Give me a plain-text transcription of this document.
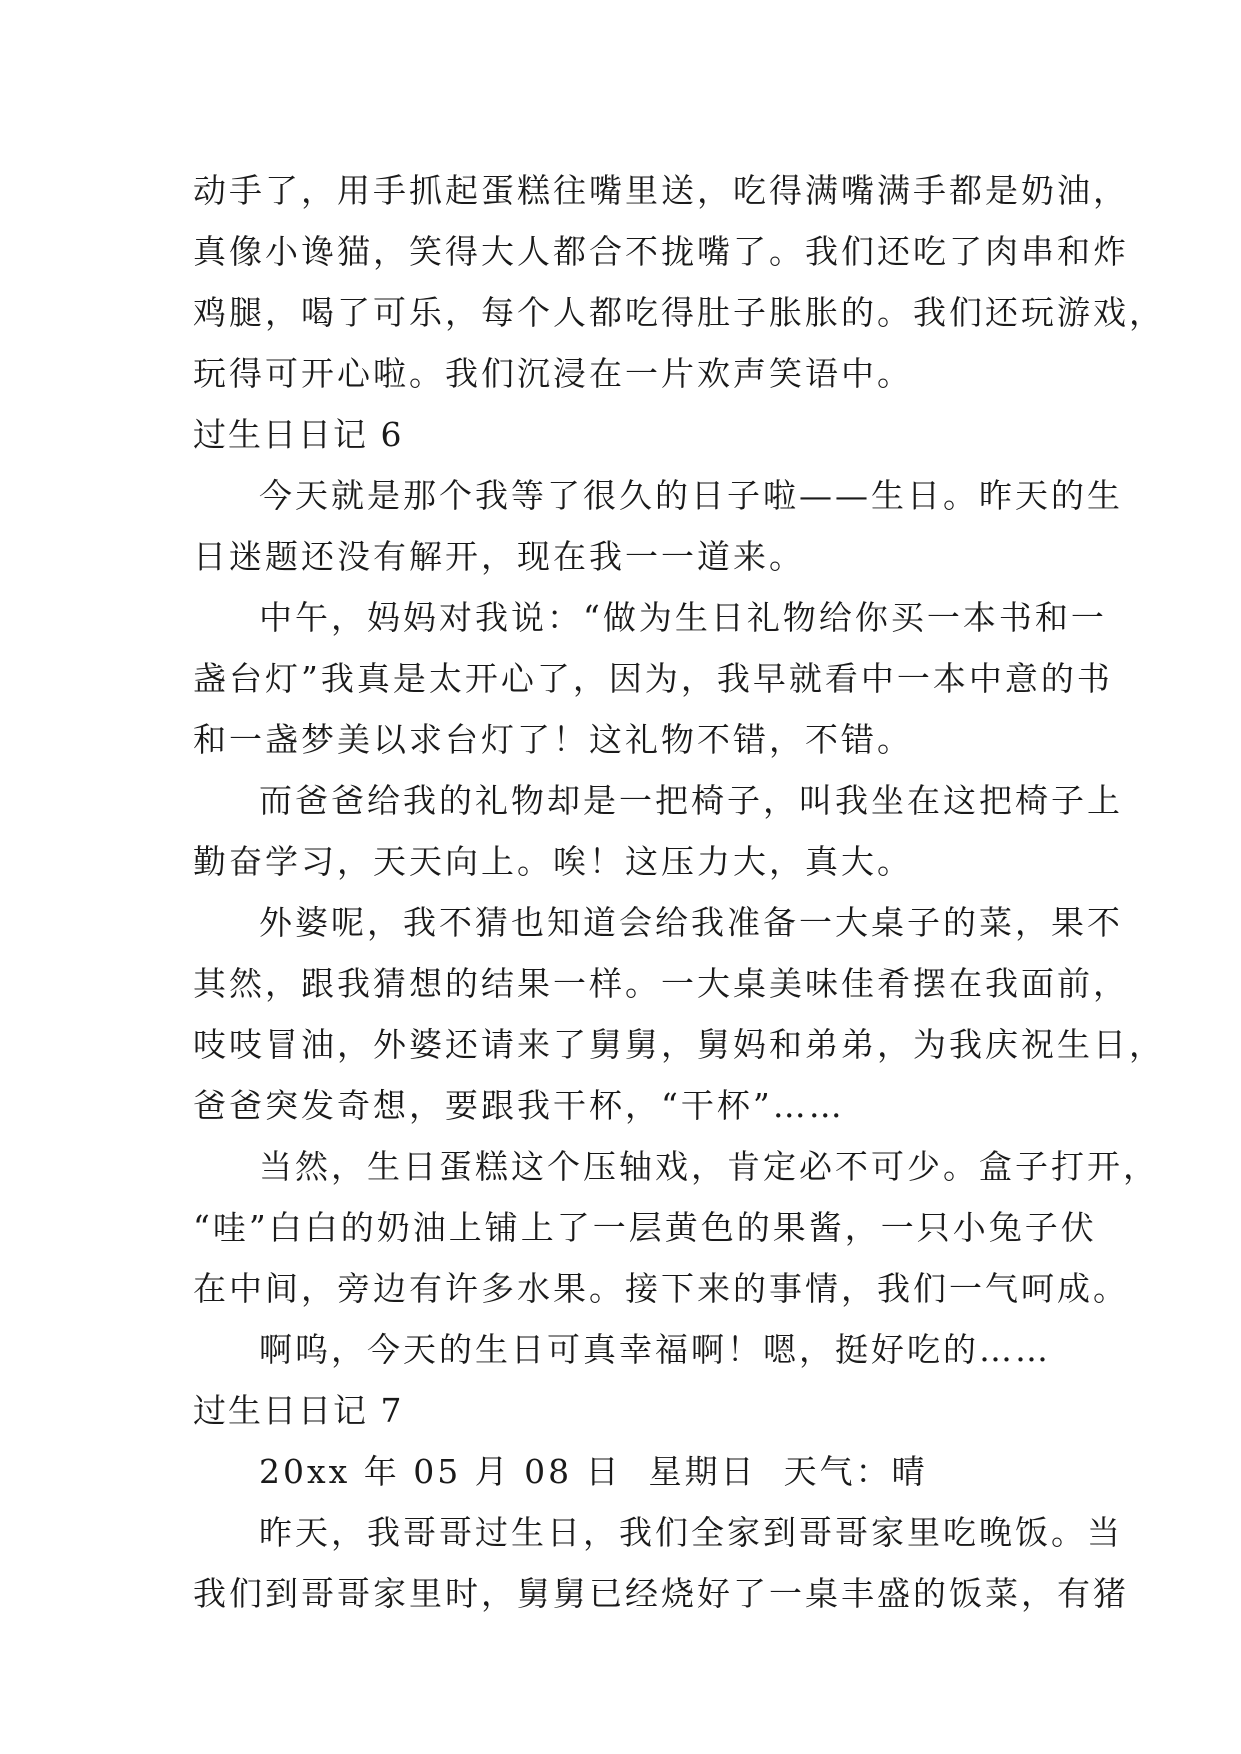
动手了，用手抓起蛋糕往嘴里送，吃得满嘴满手都是奶油，
真像小谗猫，笑得大人都合不拢嘴了。我们还吃了肉串和炸
鸡腿，喝了可乐，每个人都吃得肚子胀胀的。我们还玩游戏，
玩得可开心啦。我们沉浸在一片欢声笑语中。
过生日日记 6
今天就是那个我等了很久的日子啦——生日。昨天的生
日迷题还没有解开，现在我一一道来。
中午，妈妈对我说：“做为生日礼物给你买一本书和一
盏台灯”我真是太开心了，因为，我早就看中一本中意的书
和一盏梦美以求台灯了！这礼物不错，不错。
而爸爸给我的礼物却是一把椅子，叫我坐在这把椅子上
勤奋学习，天天向上。唉！这压力大，真大。
外婆呢，我不猜也知道会给我准备一大桌子的菜，果不
其然，跟我猜想的结果一样。一大桌美味佳肴摆在我面前，
吱吱冒油，外婆还请来了舅舅，舅妈和弟弟，为我庆祝生日，
爸爸突发奇想，要跟我干杯，“干杯”……
当然，生日蛋糕这个压轴戏，肯定必不可少。盒子打开，
“哇”白白的奶油上铺上了一层黄色的果酱，一只小兔子伏
在中间，旁边有许多水果。接下来的事情，我们一气呵成。
啊呜，今天的生日可真幸福啊！嗯，挺好吃的……
过生日日记 7
20xx 年 05 月 08 日  星期日  天气：晴
昨天，我哥哥过生日，我们全家到哥哥家里吃晚饭。当
我们到哥哥家里时，舅舅已经烧好了一桌丰盛的饭菜，有猪
